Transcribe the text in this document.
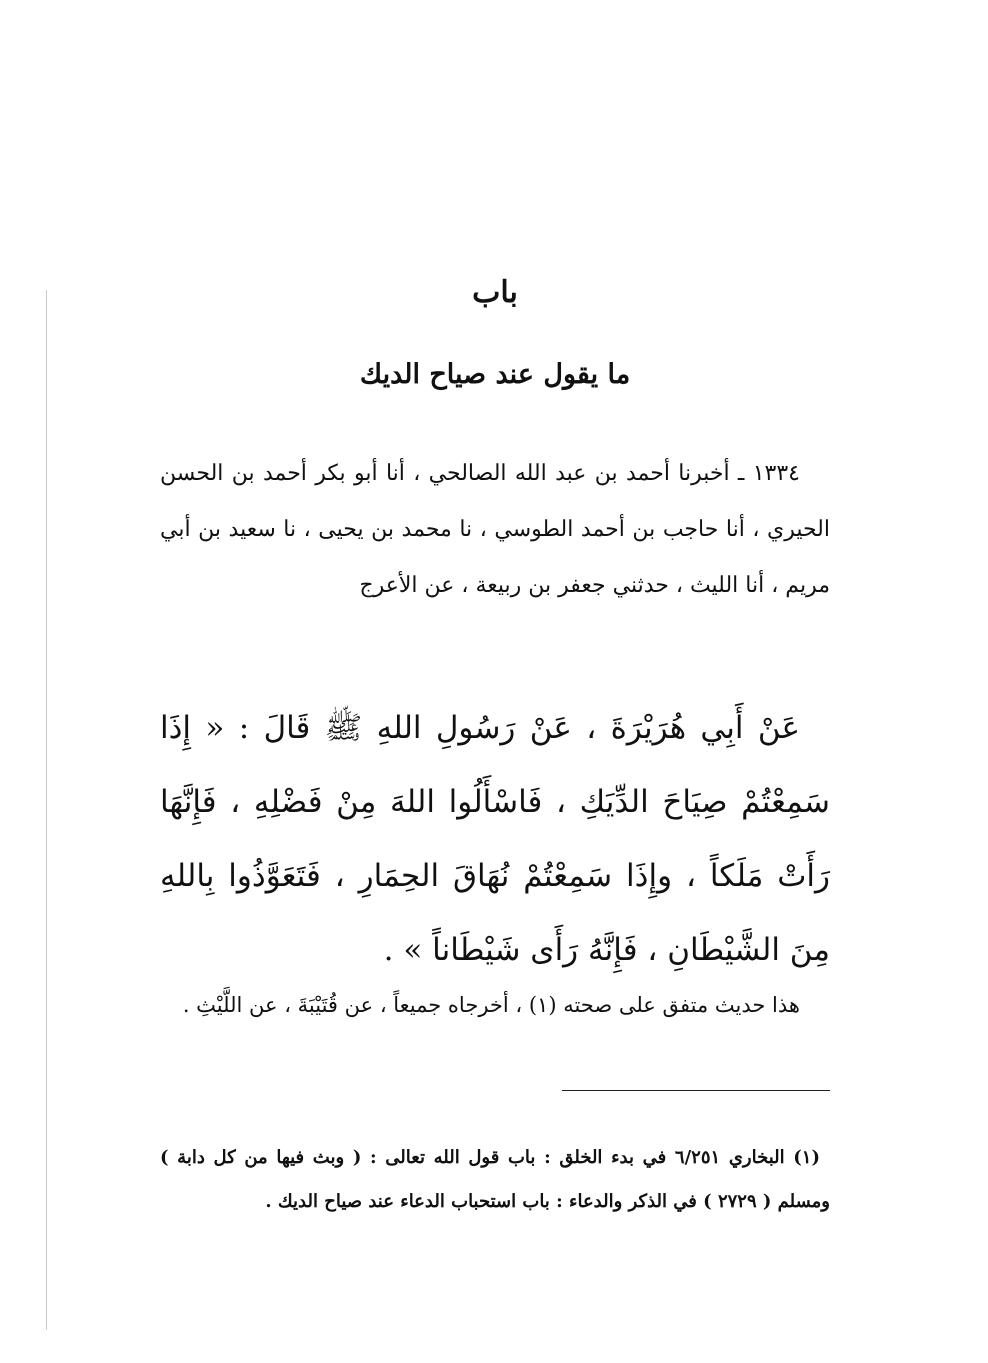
باب
ما يقول عند صياح الديك

١٣٣٤ ـ أخبرنا أحمد بن عبد الله الصالحي ، أنا أبو بكر أحمد بن الحسن الحيري ، أنا حاجب بن أحمد الطوسي ، نا محمد بن يحيى ، نا سعيد بن أبي مريم ، أنا الليث ، حدثني جعفر بن ربيعة ، عن الأعرج

عَنْ أَبِي هُرَيْرَةَ ، عَنْ رَسُولِ اللهِ ﷺ قَالَ : « إِذَا سَمِعْتُمْ صِيَاحَ الدِّيَكِ ، فَاسْأَلُوا اللهَ مِنْ فَضْلِهِ ، فَإِنَّهَا رَأَتْ مَلَكاً ، وإِذَا سَمِعْتُمْ نُهَاقَ الحِمَارِ ، فَتَعَوَّذُوا بِاللهِ مِنَ الشَّيْطَانِ ، فَإِنَّهُ رَأَى شَيْطَاناً » .

هذا حديث متفق على صحته (١) ، أخرجاه جميعاً ، عن قُتَيْبَةَ ، عن اللَّيْثِ .

(١) البخاري ٦/٢٥١ في بدء الخلق : باب قول الله تعالى : ( وبث فيها من كل دابة ) ومسلم ( ٢٧٢٩ ) في الذكر والدعاء : باب استحباب الدعاء عند صياح الديك .
